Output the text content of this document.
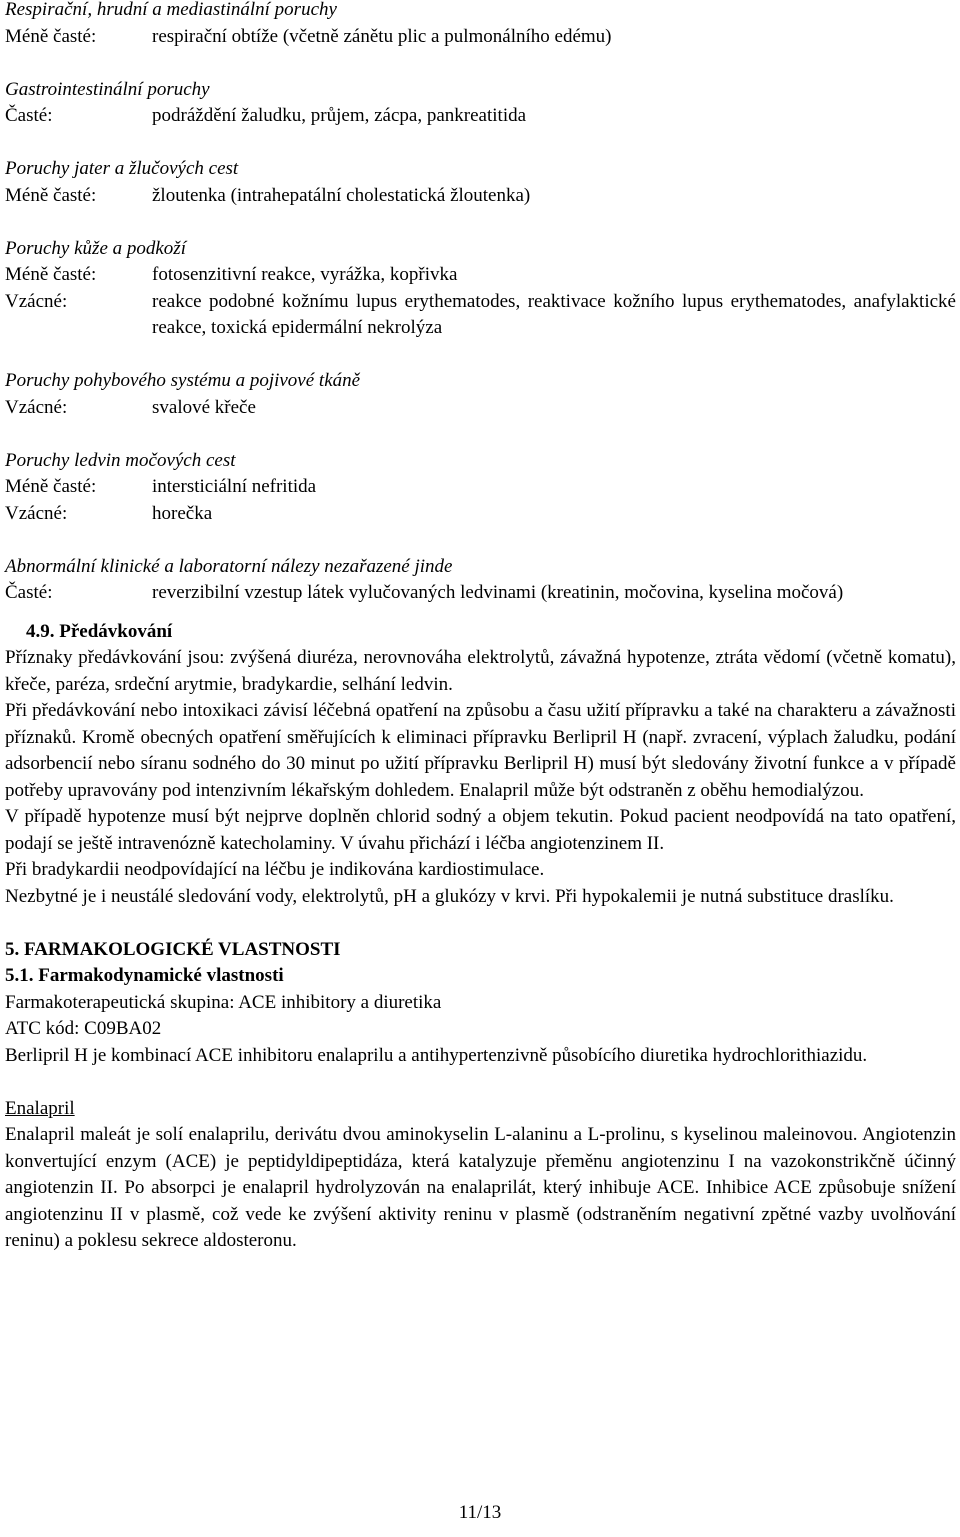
Respirační, hrudní a mediastinální poruchy
Méně časté:	respirační obtíže (včetně zánětu plic a pulmonálního edému)
Gastrointestinální poruchy
Časté:	podráždění žaludku, průjem, zácpa, pankreatitida
Poruchy jater a žlučových cest
Méně časté:	žloutenka (intrahepatální cholestatická žloutenka)
Poruchy kůže a podkoží
Méně časté:	fotosenzitivní reakce, vyrážka, kopřivka
Vzácné:	reakce podobné kožnímu lupus erythematodes, reaktivace kožního lupus erythematodes, anafylaktické reakce, toxická epidermální nekrolýza
Poruchy pohybového systému a pojivové tkáně
Vzácné:	svalové křeče
Poruchy ledvin močových cest
Méně časté:	intersticiální nefritida
Vzácné:	horečka
Abnormální klinické a laboratorní nálezy nezařazené jinde
Časté:	reverzibilní vzestup látek vylučovaných ledvinami (kreatinin, močovina, kyselina močová)
4.9. Předávkování
Příznaky předávkování jsou: zvýšená diuréza, nerovnováha elektrolytů, závažná hypotenze, ztráta vědomí (včetně komatu), křeče, paréza, srdeční arytmie, bradykardie, selhání ledvin.
Při předávkování nebo intoxikaci závisí léčebná opatření na způsobu a času užití přípravku a také na charakteru a závažnosti příznaků. Kromě obecných opatření směřujících k eliminaci přípravku Berlipril H (např. zvracení, výplach žaludku, podání adsorbencií nebo síranu sodného do 30 minut po užití přípravku Berlipril H) musí být sledovány životní funkce a v případě potřeby upravovány pod intenzivním lékařským dohledem. Enalapril může být odstraněn z oběhu hemodialýzou.
V případě hypotenze musí být nejprve doplněn chlorid sodný a objem tekutin. Pokud pacient neodpovídá na tato opatření, podají se ještě intravenózně katecholaminy. V úvahu přichází i léčba angiotenzinem II.
Při bradykardii neodpovídající na léčbu je indikována kardiostimulace.
Nezbytné je i neustálé sledování vody, elektrolytů, pH a glukózy v krvi. Při hypokalemii je nutná substituce draslíku.
5. FARMAKOLOGICKÉ VLASTNOSTI
5.1. Farmakodynamické vlastnosti
Farmakoterapeutická skupina: ACE inhibitory a diuretika
ATC kód: C09BA02
Berlipril H je kombinací ACE inhibitoru enalaprilu a antihypertenzivně působícího diuretika hydrochlorithiazidu.
Enalapril
Enalapril maleát je solí enalaprilu, derivátu dvou aminokyselin L-alaninu a L-prolinu, s kyselinou maleinovou. Angiotenzin konvertující enzym (ACE) je peptidyldipeptidáza, která katalyzuje přeměnu angiotenzinu I na vazokonstrikčně účinný angiotenzin II. Po absorpci je enalapril hydrolyzován na enalaprilát, který inhibuje ACE. Inhibice ACE způsobuje snížení angiotenzinu II v plasmě, což vede ke zvýšení aktivity reninu v plasmě (odstraněním negativní zpětné vazby uvolňování reninu) a poklesu sekrece aldosteronu.
11/13
